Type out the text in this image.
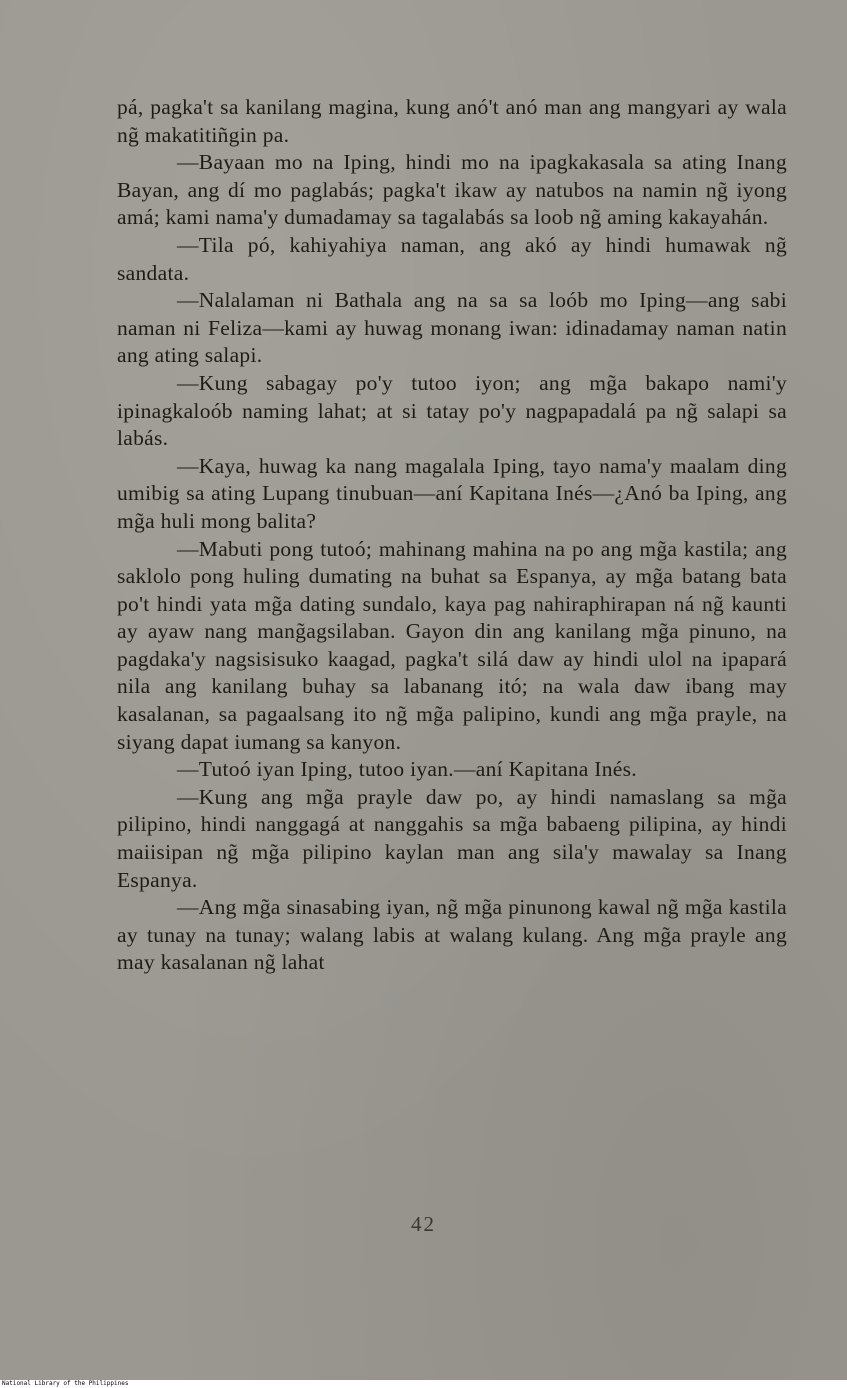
pá, pagka't sa kanilang magina, kung anó't anó man ang mangyari ay wala ng̃ makatitiñgin pa.

—Bayaan mo na Iping, hindi mo na ipagkakasala sa ating Inang Bayan, ang dí mo paglabás; pagka't ikaw ay natubos na namin ng̃ iyong amá; kami nama'y dumadamay sa tagalabás sa loob ng̃ aming kakayahán.

—Tila pó, kahiyahiya naman, ang akó ay hindi humawak ng̃ sandata.

—Nalalaman ni Bathala ang na sa sa loób mo Iping—ang sabi naman ni Feliza—kami ay huwag monang iwan: idinadamay naman natin ang ating salapi.

—Kung sabagay po'y tutoo iyon; ang mg̃a bakapo nami'y ipinagkaloób naming lahat; at si tatay po'y nagpapadalá pa ng̃ salapi sa labás.

—Kaya, huwag ka nang magalala Iping, tayo nama'y maalam ding umibig sa ating Lupang tinubuan—aní Kapitana Inés—¿Anó ba Iping, ang mg̃a huli mong balita?

—Mabuti pong tutoó; mahinang mahina na po ang mg̃a kastila; ang saklolo pong huling dumating na buhat sa Espanya, ay mg̃a batang bata po't hindi yata mg̃a dating sundalo, kaya pag nahiraphirapan ná ng̃ kaunti ay ayaw nang mang̃agsilaban. Gayon din ang kanilang mg̃a pinuno, na pagdaka'y nagsisisuko kaagad, pagka't silá daw ay hindi ulol na ipapará nila ang kanilang buhay sa labanang itó; na wala daw ibang may kasalanan, sa pagaalsang ito ng̃ mg̃a palipino, kundi ang mg̃a prayle, na siyang dapat iumang sa kanyon.

—Tutoó iyan Iping, tutoo iyan.—aní Kapitana Inés.

—Kung ang mg̃a prayle daw po, ay hindi namaslang sa mg̃a pilipino, hindi nanggagá at nanggahis sa mg̃a babaeng pilipina, ay hindi maiisipan ng̃ mg̃a pilipino kaylan man ang sila'y mawalay sa Inang Espanya.

—Ang mg̃a sinasabing iyan, ng̃ mg̃a pinunong kawal ng̃ mg̃a kastila ay tunay na tunay; walang labis at walang kulang. Ang mg̃a prayle ang may kasalanan ng̃ lahat

42
National Library of the Philippines
